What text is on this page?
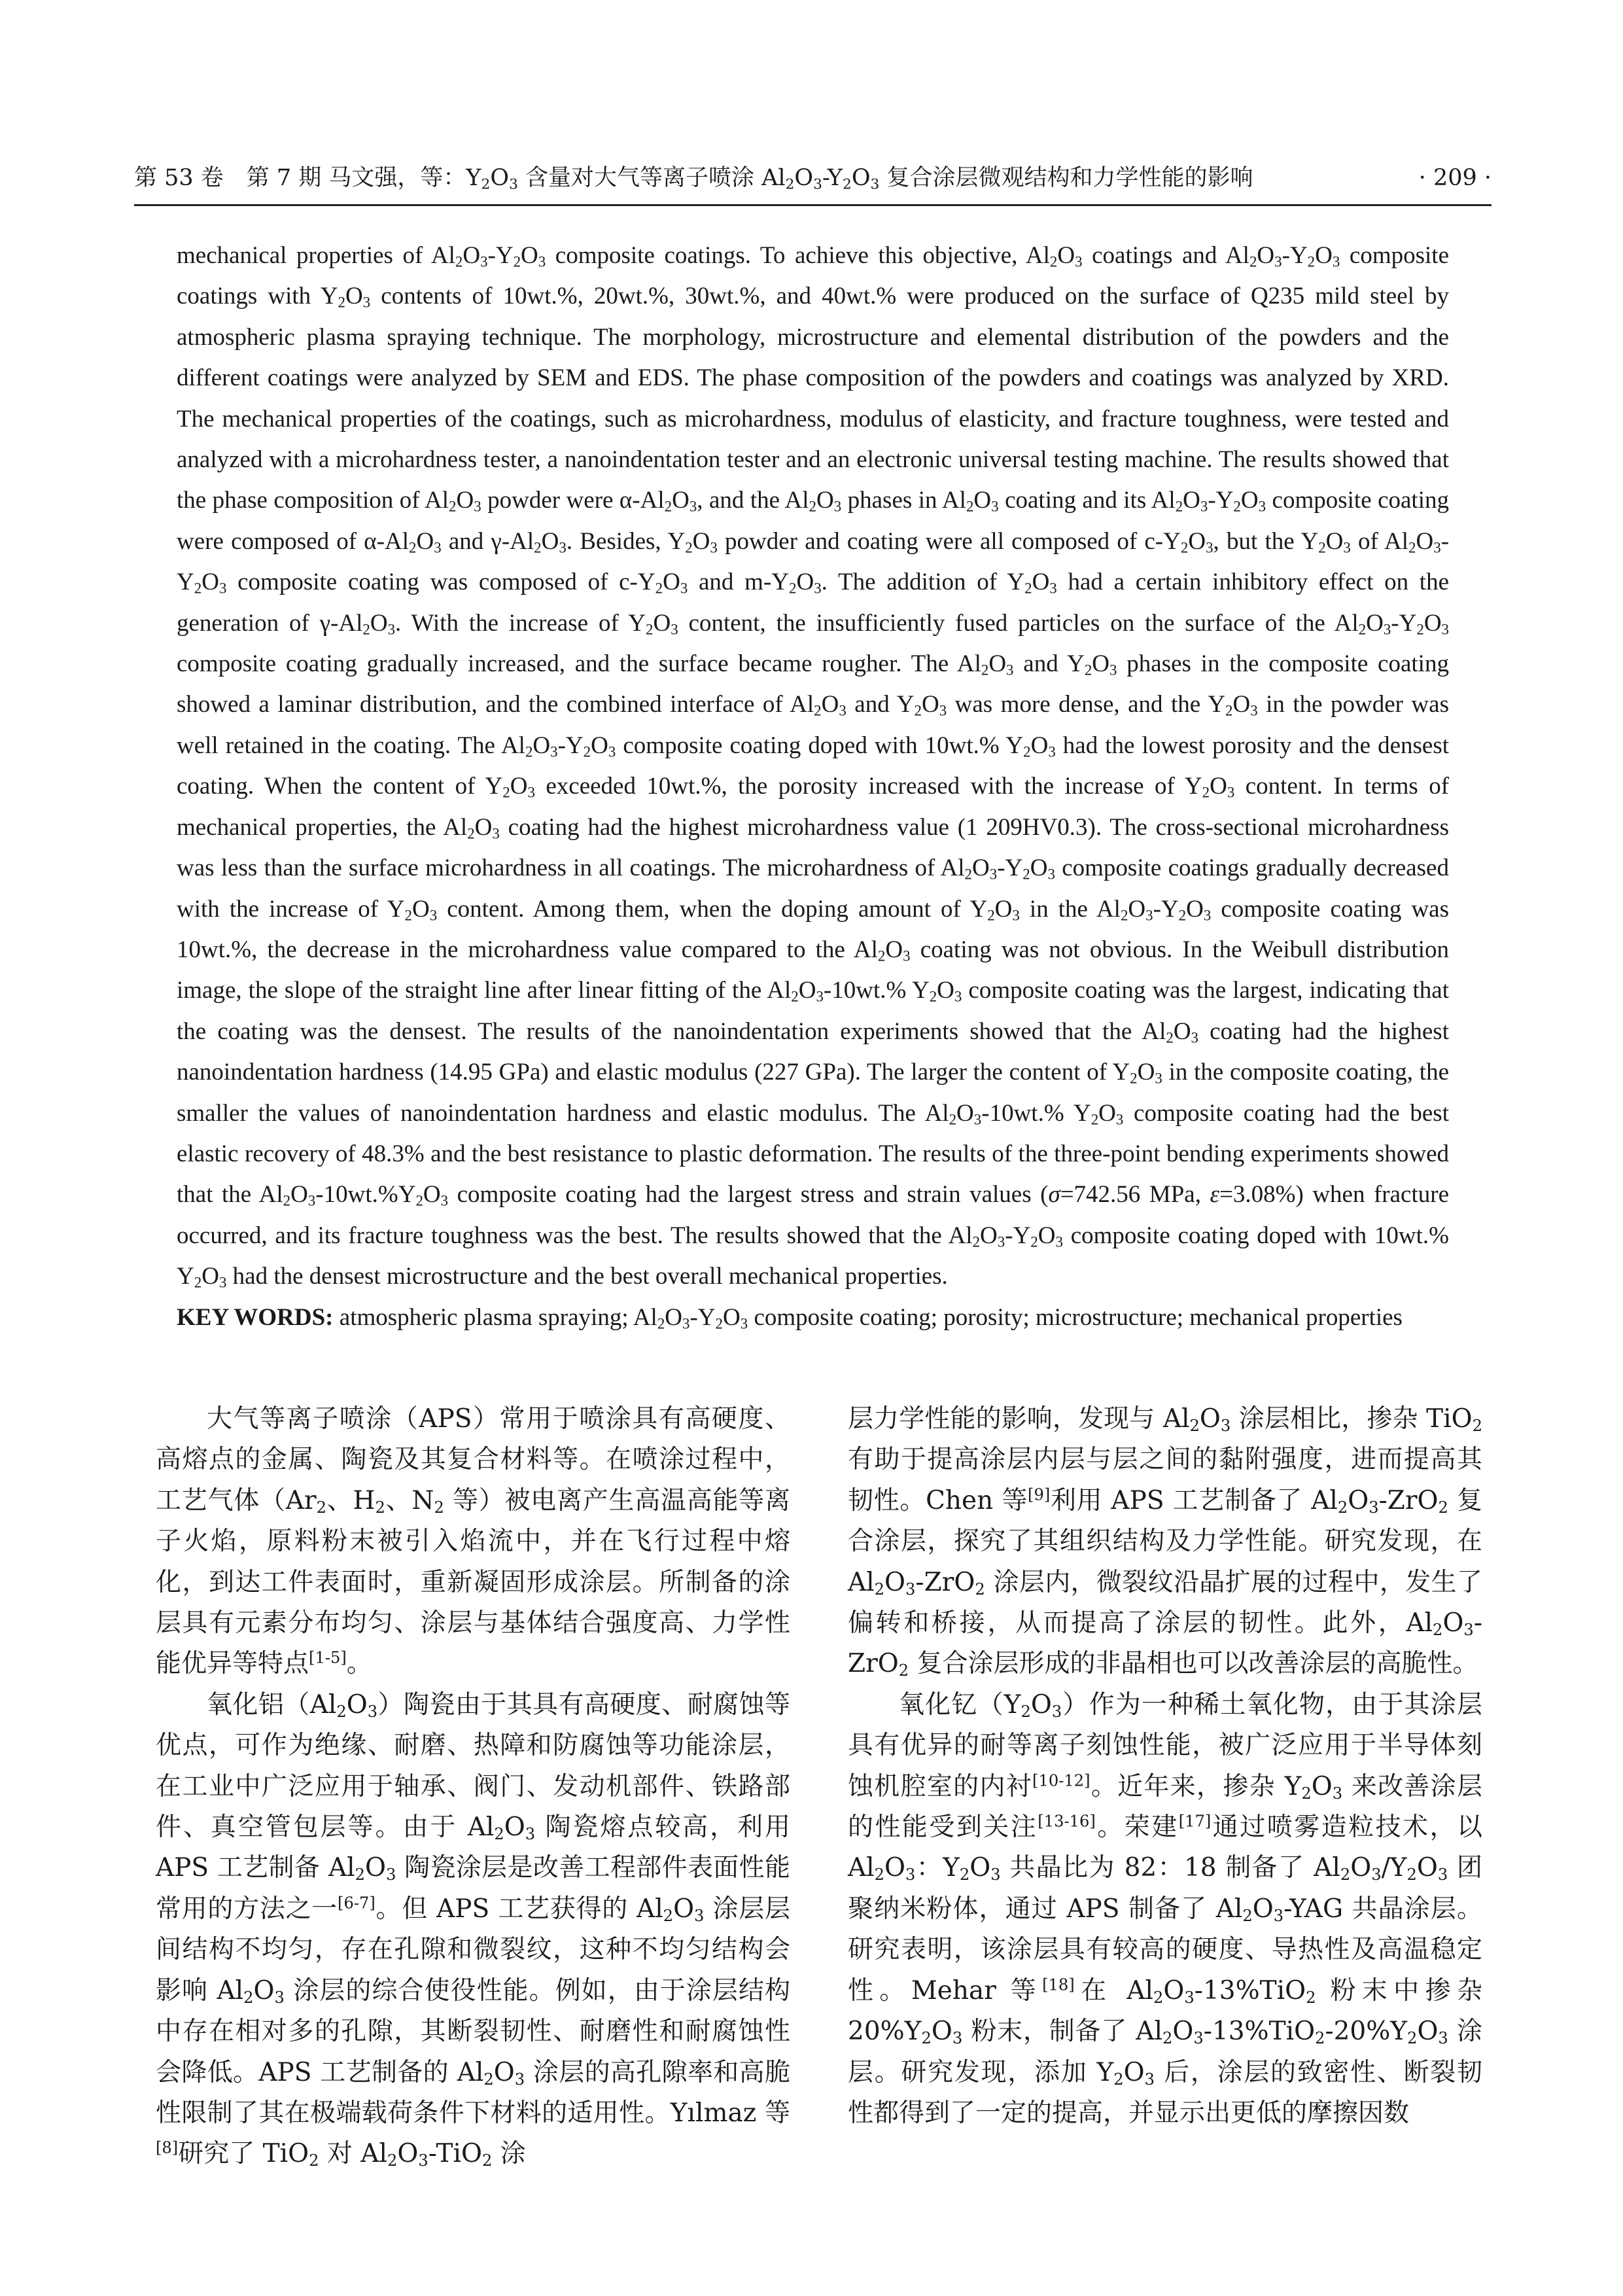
第 53 卷　第 7 期 马文强，等：$Y_2O_3$ 含量对大气等离子喷涂 $Al_2O_3-Y_2O_3$ 复合涂层微观结构和力学性能的影响	· 209 ·

mechanical properties of $Al_2O_3-Y_2O_3$ composite coatings. To achieve this objective, $Al_2O_3$ coatings and $Al_2O_3-Y_2O_3$ composite coatings with $Y_2O_3$ contents of 10wt.%, 20wt.%, 30wt.%, and 40wt.% were produced on the surface of Q235 mild steel by atmospheric plasma spraying technique. The morphology, microstructure and elemental distribution of the powders and the different coatings were analyzed by SEM and EDS. The phase composition of the powders and coatings was analyzed by XRD. The mechanical properties of the coatings, such as microhardness, modulus of elasticity, and fracture toughness, were tested and analyzed with a microhardness tester, a nanoindentation tester and an electronic universal testing machine. The results showed that the phase composition of $Al_2O_3$ powder were $\alpha-Al_2O_3$, and the $Al_2O_3$ phases in $Al_2O_3$ coating and its $Al_2O_3-Y_2O_3$ composite coating were composed of $\alpha-Al_2O_3$ and $\gamma-Al_2O_3$. Besides, $Y_2O_3$ powder and coating were all composed of $c-Y_2O_3$, but the $Y_2O_3$ of $Al_2O_3-Y_2O_3$ composite coating was composed of $c-Y_2O_3$ and $m-Y_2O_3$. The addition of $Y_2O_3$ had a certain inhibitory effect on the generation of $\gamma-Al_2O_3$. With the increase of $Y_2O_3$ content, the insufficiently fused particles on the surface of the $Al_2O_3-Y_2O_3$ composite coating gradually increased, and the surface became rougher. The $Al_2O_3$ and $Y_2O_3$ phases in the composite coating showed a laminar distribution, and the combined interface of $Al_2O_3$ and $Y_2O_3$ was more dense, and the $Y_2O_3$ in the powder was well retained in the coating. The $Al_2O_3-Y_2O_3$ composite coating doped with 10wt.% $Y_2O_3$ had the lowest porosity and the densest coating. When the content of $Y_2O_3$ exceeded 10wt.%, the porosity increased with the increase of $Y_2O_3$ content. In terms of mechanical properties, the $Al_2O_3$ coating had the highest microhardness value (1 209HV0.3). The cross-sectional microhardness was less than the surface microhardness in all coatings. The microhardness of $Al_2O_3-Y_2O_3$ composite coatings gradually decreased with the increase of $Y_2O_3$ content. Among them, when the doping amount of $Y_2O_3$ in the $Al_2O_3-Y_2O_3$ composite coating was 10wt.%, the decrease in the microhardness value compared to the $Al_2O_3$ coating was not obvious. In the Weibull distribution image, the slope of the straight line after linear fitting of the $Al_2O_3-10wt.\%$ $Y_2O_3$ composite coating was the largest, indicating that the coating was the densest. The results of the nanoindentation experiments showed that the $Al_2O_3$ coating had the highest nanoindentation hardness (14.95 GPa) and elastic modulus (227 GPa). The larger the content of $Y_2O_3$ in the composite coating, the smaller the values of nanoindentation hardness and elastic modulus. The $Al_2O_3-10wt.\%$ $Y_2O_3$ composite coating had the best elastic recovery of 48.3% and the best resistance to plastic deformation. The results of the three-point bending experiments showed that the $Al_2O_3-10wt.\%Y_2O_3$ composite coating had the largest stress and strain values (σ=742.56 MPa, ε=3.08%) when fracture occurred, and its fracture toughness was the best. The results showed that the $Al_2O_3-Y_2O_3$ composite coating doped with 10wt.% $Y_2O_3$ had the densest microstructure and the best overall mechanical properties.

KEY WORDS: atmospheric plasma spraying; $Al_2O_3-Y_2O_3$ composite coating; porosity; microstructure; mechanical properties

大气等离子喷涂（APS）常用于喷涂具有高硬度、高熔点的金属、陶瓷及其复合材料等。在喷涂过程中，工艺气体（$Ar_2$、$H_2$、$N_2$ 等）被电离产生高温高能等离子火焰，原料粉末被引入焰流中，并在飞行过程中熔化，到达工件表面时，重新凝固形成涂层。所制备的涂层具有元素分布均匀、涂层与基体结合强度高、力学性能优异等特点[1-5]。

氧化铝$(Al_2O_3)$陶瓷由于其具有高硬度、耐腐蚀等优点，可作为绝缘、耐磨、热障和防腐蚀等功能涂层，在工业中广泛应用于轴承、阀门、发动机部件、铁路部件、真空管包层等。由于 $Al_2O_3$ 陶瓷熔点较高，利用 APS 工艺制备 $Al_2O_3$ 陶瓷涂层是改善工程部件表面性能常用的方法之一[6-7]。但 APS 工艺获得的 $Al_2O_3$ 涂层层间结构不均匀，存在孔隙和微裂纹，这种不均匀结构会影响 $Al_2O_3$ 涂层的综合使役性能。例如，由于涂层结构中存在相对多的孔隙，其断裂韧性、耐磨性和耐腐蚀性会降低。APS 工艺制备的 $Al_2O_3$ 涂层的高孔隙率和高脆性限制了其在极端载荷条件下材料的适用性。Yılmaz 等[8]研究了 TiO$_2$ 对 $Al_2O_3-TiO_2$ 涂

层力学性能的影响，发现与 $Al_2O_3$ 涂层相比，掺杂 TiO$_2$ 有助于提高涂层内层与层之间的黏附强度，进而提高其韧性。Chen 等[9]利用 APS 工艺制备了 $Al_2O_3-ZrO_2$ 复合涂层，探究了其组织结构及力学性能。研究发现，在 $Al_2O_3-ZrO_2$ 涂层内，微裂纹沿晶扩展的过程中，发生了偏转和桥接，从而提高了涂层的韧性。此外，$Al_2O_3-ZrO_2$ 复合涂层形成的非晶相也可以改善涂层的高脆性。

氧化钇$(Y_2O_3)$作为一种稀土氧化物，由于其涂层具有优异的耐等离子刻蚀性能，被广泛应用于半导体刻蚀机腔室的内衬[10-12]。近年来，掺杂 $Y_2O_3$ 来改善涂层的性能受到关注[13-16]。荣建[17]通过喷雾造粒技术，以 $Al_2O_3$：$Y_2O_3$ 共晶比为 82：18 制备了 $Al_2O_3/Y_2O_3$ 团聚纳米粉体，通过 APS 制备了 $Al_2O_3$-YAG 共晶涂层。研究表明，该涂层具有较高的硬度、导热性及高温稳定性。Mehar 等[18]在 $Al_2O_3-13\%TiO_2$ 粉末中掺杂 $20\%Y_2O_3$ 粉末，制备了 $Al_2O_3-13\%TiO_2-20\%Y_2O_3$ 涂层。研究发现，添加 $Y_2O_3$ 后，涂层的致密性、断裂韧性都得到了一定的提高，并显示出更低的摩擦因数
